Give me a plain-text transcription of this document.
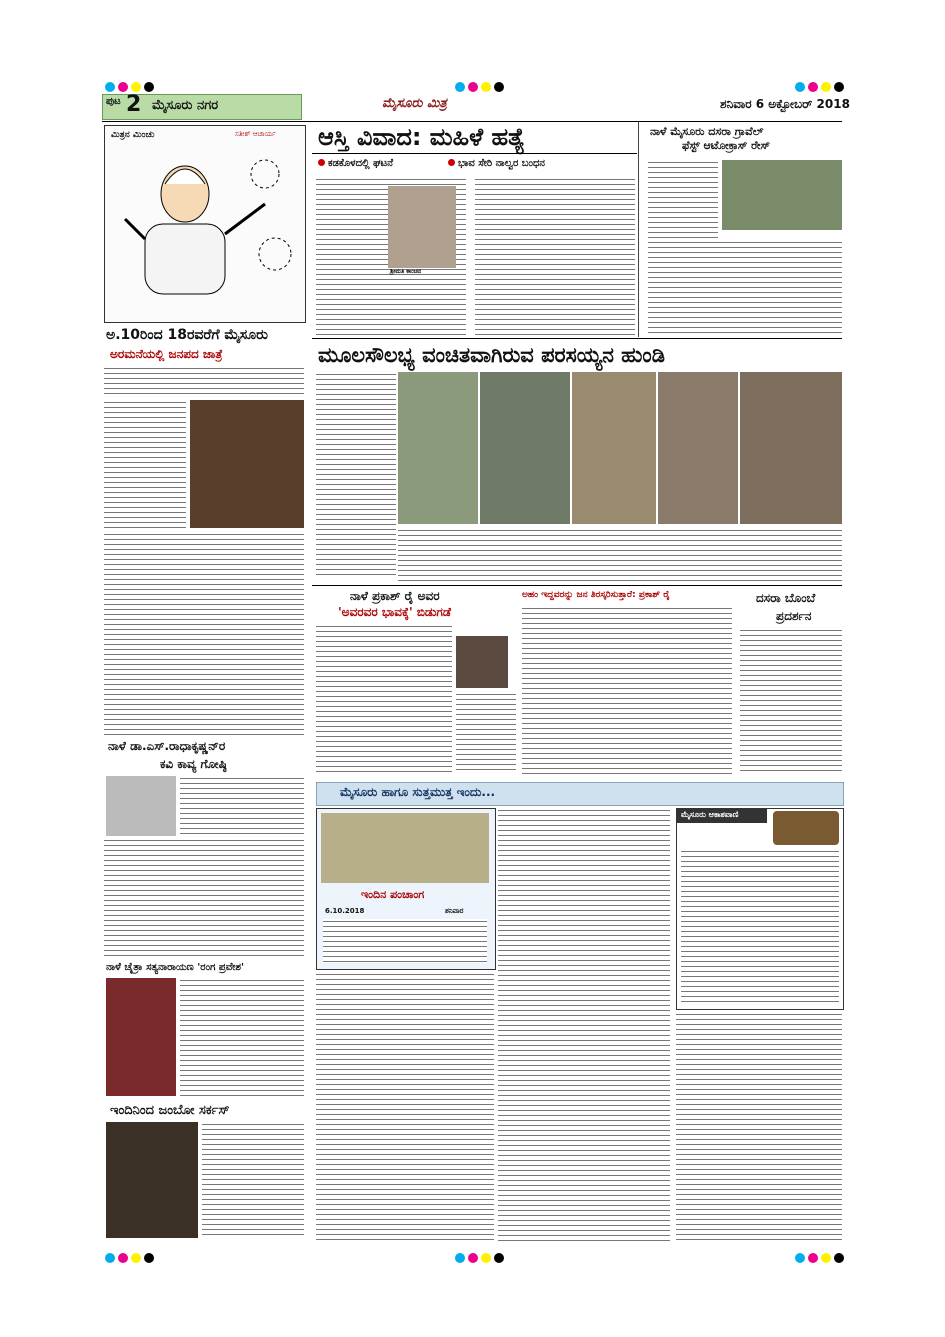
ಪುಟ 2 ಮೈಸೂರು ನಗರ	ಮೈಸೂರು ಮಿತ್ರ	ಶನಿವಾರ 6 ಅಕ್ಟೋಬರ್ 2018
ಮಿತ್ರನ ಮಿಂಚು	ಸತೀಶ್ ಆಚಾರ್ಯ ಆಸ್ತಿ ವಿವಾದ: ಮಹಿಳೆ ಹತ್ಯೆ
ಕಡಕೊಳದಲ್ಲಿ ಘಟನೆ	ಭಾವ ಸೇರಿ ನಾಲ್ವರ ಬಂಧನ
ಶ್ರೀಮತಿ ಕಾಂಚನ
ನಾಳೆ ಮೈಸೂರು ದಸರಾ ಗ್ರಾವೆಲ್
ಫೆಸ್ಟ್ ಆಟೋಕ್ರಾಸ್ ರೇಸ್
ಅ.10ರಿಂದ 18ರವರೆಗೆ ಮೈಸೂರು
ಅರಮನೆಯಲ್ಲಿ ಜನಪದ ಜಾತ್ರೆ	ಮೂಲಸೌಲಭ್ಯ ವಂಚಿತವಾಗಿರುವ ಪರಸಯ್ಯನ ಹುಂಡಿ
ನಾಳೆ ಪ್ರಕಾಶ್ ರೈ ಅವರ
'ಅವರವರ ಭಾವಕ್ಕೆ' ಬಿಡುಗಡೆ
ಅಹಂ ಇದ್ದವರನ್ನು ಜನ ತಿರಸ್ಕರಿಸುತ್ತಾರೆ: ಪ್ರಕಾಶ್ ರೈ	ದಸರಾ ಬೊಂಬೆ
ಪ್ರದರ್ಶನ
ನಾಳೆ ಡಾ.ಎಸ್.ರಾಧಾಕೃಷ್ಣನ್‌ರ
ಕವಿ ಕಾವ್ಯ ಗೋಷ್ಠಿ
ನಾಳೆ ಚೈತ್ರಾ ಸತ್ಯನಾರಾಯಣ 'ರಂಗ ಪ್ರವೇಶ'
ಇಂದಿನಿಂದ ಜಂಬೋ ಸರ್ಕಸ್
ಮೈಸೂರು ಹಾಗೂ ಸುತ್ತಮುತ್ತ ಇಂದು...
ಇಂದಿನ ಪಂಚಾಂಗ
6.10.2018	ಶನಿವಾರ
ಮೈಸೂರು ಆಕಾಶವಾಣಿ
